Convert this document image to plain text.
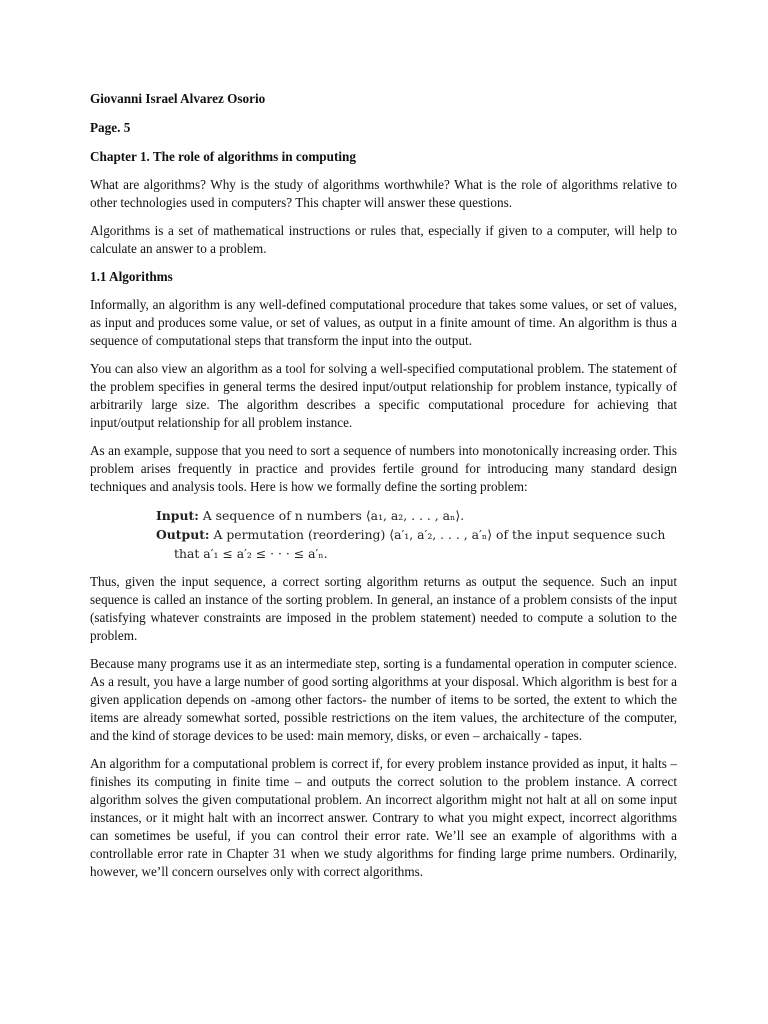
Giovanni Israel Alvarez Osorio

Page. 5

Chapter 1. The role of algorithms in computing

What are algorithms? Why is the study of algorithms worthwhile? What is the role of algorithms relative to other technologies used in computers? This chapter will answer these questions.

Algorithms is a set of mathematical instructions or rules that, especially if given to a computer, will help to calculate an answer to a problem.

1.1 Algorithms

Informally, an algorithm is any well-defined computational procedure that takes some values, or set of values, as input and produces some value, or set of values, as output in a finite amount of time. An algorithm is thus a sequence of computational steps that transform the input into the output.

You can also view an algorithm as a tool for solving a well-specified computational problem. The statement of the problem specifies in general terms the desired input/output relationship for problem instance, typically of arbitrarily large size. The algorithm describes a specific computational procedure for achieving that input/output relationship for all problem instance.

As an example, suppose that you need to sort a sequence of numbers into monotonically increasing order. This problem arises frequently in practice and provides fertile ground for introducing many standard design techniques and analysis tools. Here is how we formally define the sorting problem:

Input: A sequence of n numbers ⟨a₁, a₂, . . . , aₙ⟩.
Output: A permutation (reordering) ⟨a′₁, a′₂, . . . , a′ₙ⟩ of the input sequence such
that a′₁ ≤ a′₂ ≤ · · · ≤ a′ₙ.

Thus, given the input sequence, a correct sorting algorithm returns as output the sequence. Such an input sequence is called an instance of the sorting problem. In general, an instance of a problem consists of the input (satisfying whatever constraints are imposed in the problem statement) needed to compute a solution to the problem.

Because many programs use it as an intermediate step, sorting is a fundamental operation in computer science. As a result, you have a large number of good sorting algorithms at your disposal. Which algorithm is best for a given application depends on -among other factors- the number of items to be sorted, the extent to which the items are already somewhat sorted, possible restrictions on the item values, the architecture of the computer, and the kind of storage devices to be used: main memory, disks, or even – archaically - tapes.

An algorithm for a computational problem is correct if, for every problem instance provided as input, it halts – finishes its computing in finite time – and outputs the correct solution to the problem instance. A correct algorithm solves the given computational problem. An incorrect algorithm might not halt at all on some input instances, or it might halt with an incorrect answer. Contrary to what you might expect, incorrect algorithms can sometimes be useful, if you can control their error rate. We’ll see an example of algorithms with a controllable error rate in Chapter 31 when we study algorithms for finding large prime numbers. Ordinarily, however, we’ll concern ourselves only with correct algorithms.
